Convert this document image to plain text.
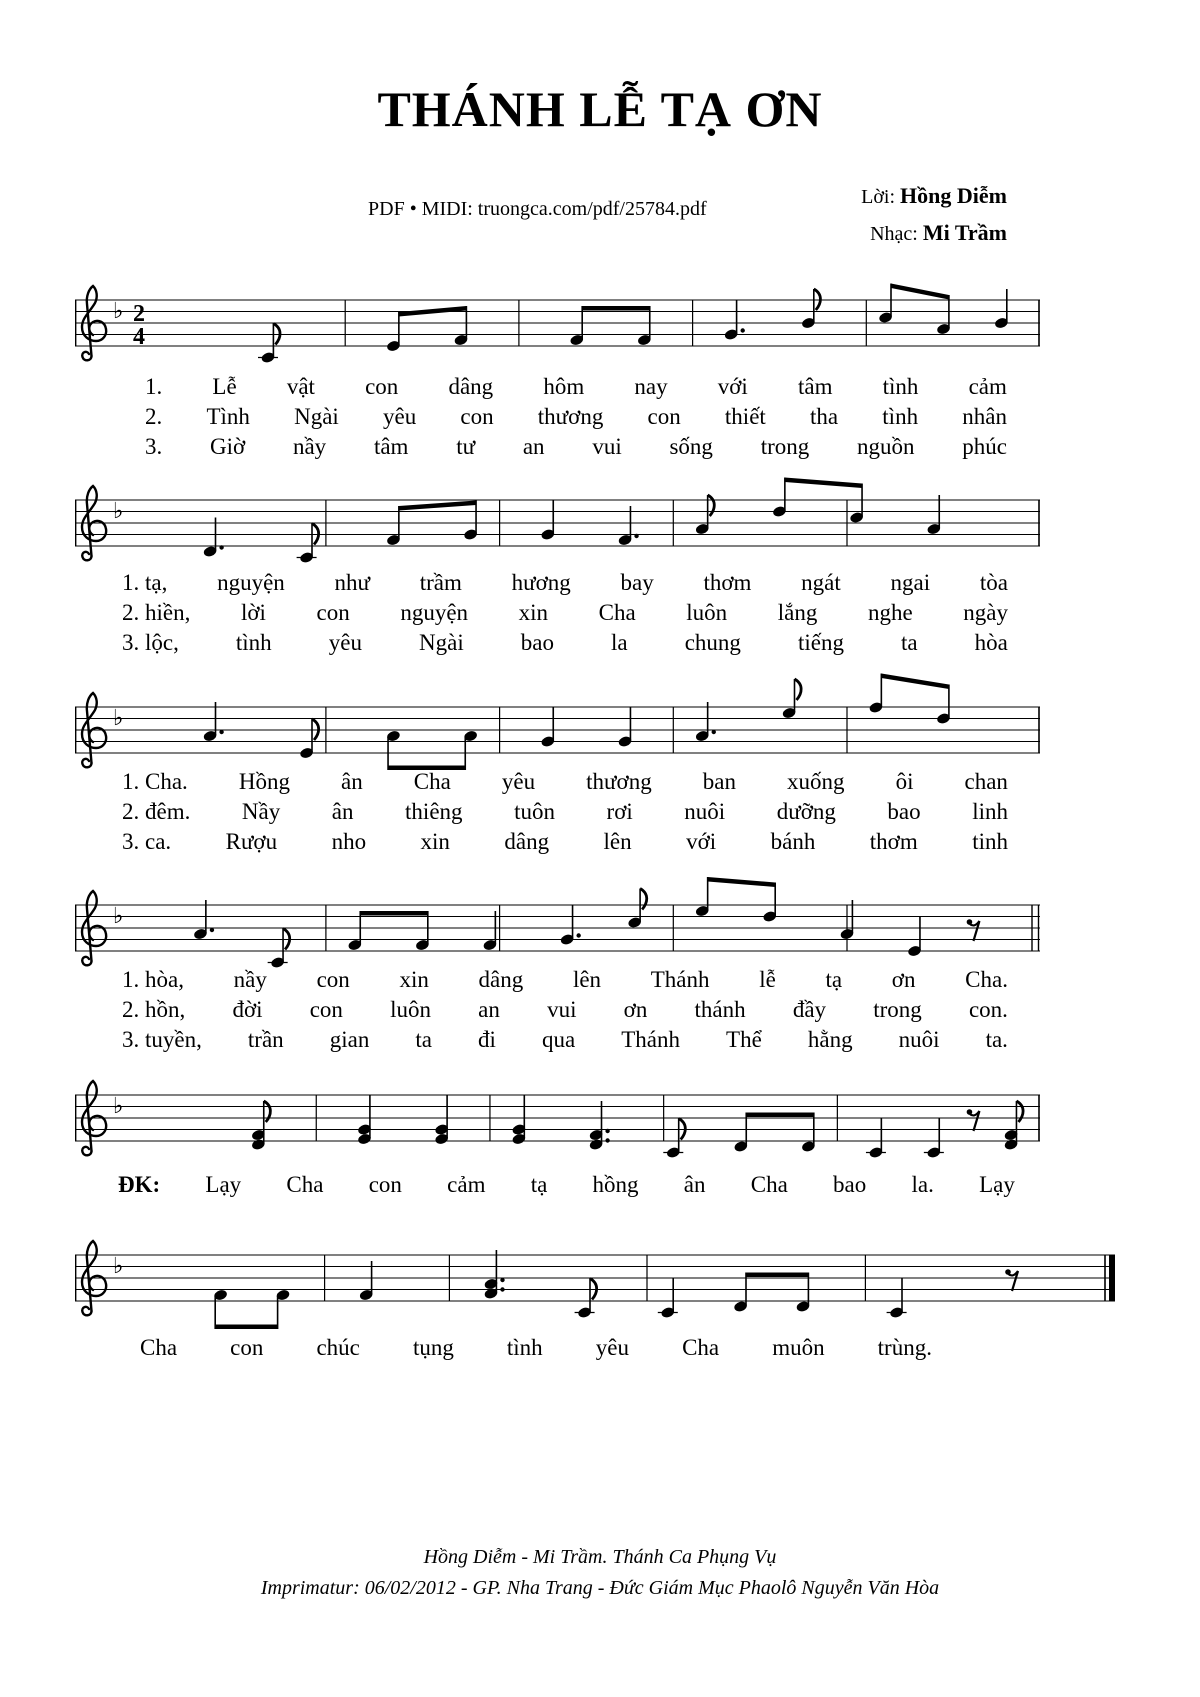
THÁNH LỄ TẠ ƠN
PDF • MIDI: truongca.com/pdf/25784.pdf
Lời: Hồng Diễm
Nhạc: Mi Trầm
♭ 2
4
♭
♭
♭
♭
♭
1. Lễ vật con dâng hôm nay với tâm tình cảm
2. Tình Ngài yêu con thương con thiết tha tình nhân
3. Giờ nầy tâm tư an vui sống trong nguồn phúc
1. tạ, nguyện như trầm hương bay thơm ngát ngai tòa
2. hiền, lời con nguyện xin Cha luôn lắng nghe ngày
3. lộc, tình yêu Ngài bao la chung tiếng ta hòa
1. Cha. Hồng ân Cha yêu thương ban xuống ôi chan
2. đêm. Nầy ân thiêng tuôn rơi nuôi dưỡng bao linh
3. ca. Rượu nho xin dâng lên với bánh thơm tinh
1. hòa, nầy con xin dâng lên Thánh lễ tạ ơn Cha.
2. hồn, đời con luôn an vui ơn thánh đầy trong con.
3. tuyền, trần gian ta đi qua Thánh Thể hằng nuôi ta.
ĐK: Lạy Cha con cảm tạ hồng ân Cha bao la. Lạy
Cha con chúc tụng tình yêu Cha muôn trùng.
Hồng Diễm - Mi Trầm. Thánh Ca Phụng Vụ
Imprimatur: 06/02/2012 - GP. Nha Trang - Đức Giám Mục Phaolô Nguyễn Văn Hòa
